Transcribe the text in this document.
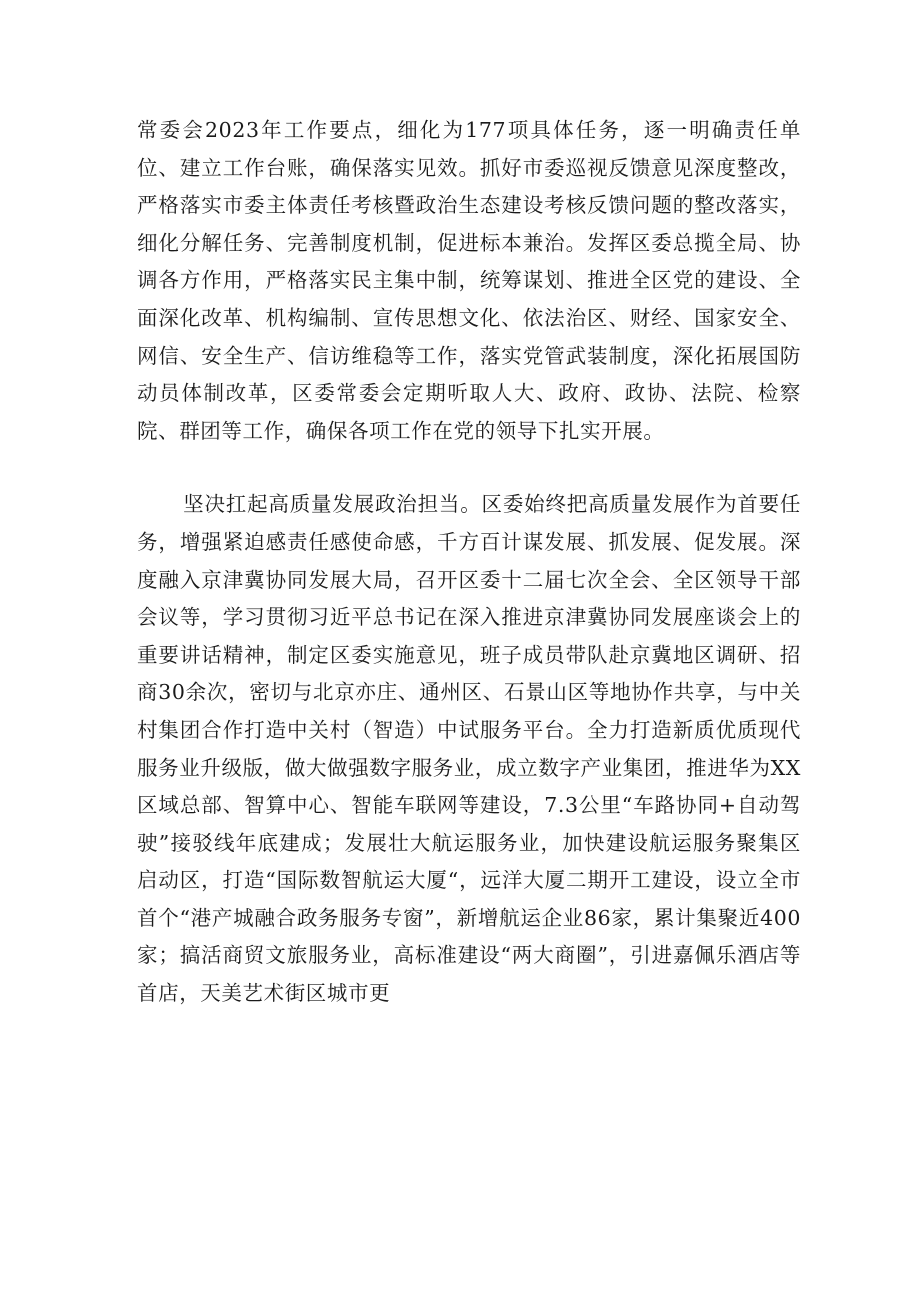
常委会2023年工作要点，细化为177项具体任务，逐一明确责任单位、建立工作台账，确保落实见效。抓好市委巡视反馈意见深度整改，严格落实市委主体责任考核暨政治生态建设考核反馈问题的整改落实，细化分解任务、完善制度机制，促进标本兼治。发挥区委总揽全局、协调各方作用，严格落实民主集中制，统筹谋划、推进全区党的建设、全面深化改革、机构编制、宣传思想文化、依法治区、财经、国家安全、网信、安全生产、信访维稳等工作，落实党管武装制度，深化拓展国防动员体制改革，区委常委会定期听取人大、政府、政协、法院、检察院、群团等工作，确保各项工作在党的领导下扎实开展。

坚决扛起高质量发展政治担当。区委始终把高质量发展作为首要任务，增强紧迫感责任感使命感，千方百计谋发展、抓发展、促发展。深度融入京津冀协同发展大局，召开区委十二届七次全会、全区领导干部会议等，学习贯彻习近平总书记在深入推进京津冀协同发展座谈会上的重要讲话精神，制定区委实施意见，班子成员带队赴京冀地区调研、招商30余次，密切与北京亦庄、通州区、石景山区等地协作共享，与中关村集团合作打造中关村（智造）中试服务平台。全力打造新质优质现代服务业升级版，做大做强数字服务业，成立数字产业集团，推进华为XX区域总部、智算中心、智能车联网等建设，7.3公里“车路协同+自动驾驶”接驳线年底建成；发展壮大航运服务业，加快建设航运服务聚集区启动区，打造“国际数智航运大厦“，远洋大厦二期开工建设，设立全市首个“港产城融合政务服务专窗”，新增航运企业86家，累计集聚近400家；搞活商贸文旅服务业，高标准建设“两大商圈”，引进嘉佩乐酒店等首店，天美艺术街区城市更
